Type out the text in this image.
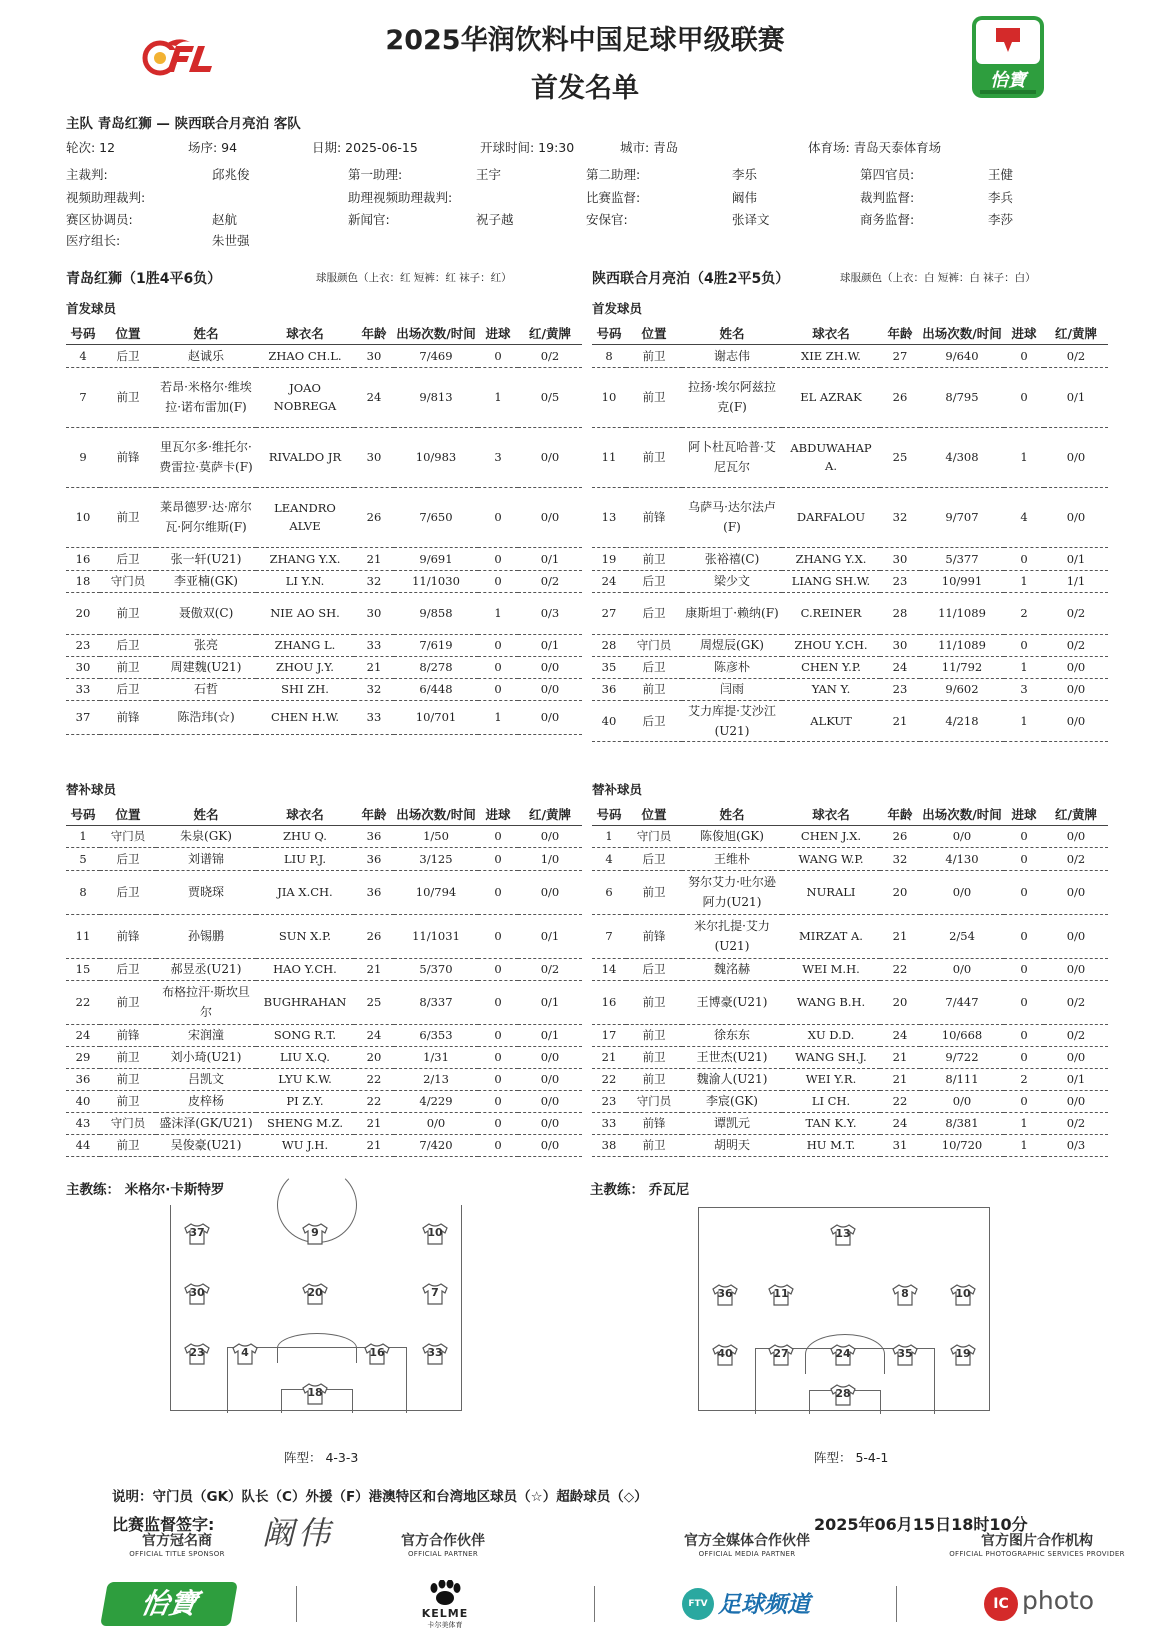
2025华润饮料中国足球甲级联赛
首发名单	怡寶
主队 青岛红狮 — 陕西联合月亮泊 客队
轮次: 12	场序: 94	日期: 2025-06-15	开球时间: 19:30	城市: 青岛	体育场: 青岛天泰体育场
主裁判:	邱兆俊	第一助理:	王宇	第二助理:	李乐	第四官员:	王健
视频助理裁判:	助理视频助理裁判:	比赛监督:	阚伟	裁判监督:	李兵
赛区协调员:	赵航	新闻官:	祝子越	安保官:	张译文	商务监督:	李莎
医疗组长:	朱世强
青岛红狮（1胜4平6负）	球服颜色（上衣：红 短裤：红 袜子：红）	陕西联合月亮泊（4胜2平5负）	球服颜色（上衣：白 短裤：白 袜子：白）
首发球员	首发球员
号码	位置	姓名	球衣名	年龄	出场次数/时间	进球	红/黄牌
4	后卫	赵诚乐	ZHAO CH.L.	30	7/469	0	0/2
7	前卫	若昂·米格尔·维埃拉·诺布雷加(F)	JOAO NOBREGA	24	9/813	1	0/5
9	前锋	里瓦尔多·维托尔·费雷拉·莫萨卡(F)	RIVALDO JR	30	10/983	3	0/0
10	前卫	莱昂德罗·达·席尔瓦·阿尔维斯(F)	LEANDRO ALVE	26	7/650	0	0/0
16	后卫	张一轩(U21)	ZHANG Y.X.	21	9/691	0	0/1
18	守门员	李亚楠(GK)	LI Y.N.	32	11/1030	0	0/2
20	前卫	聂傲双(C)	NIE AO SH.	30	9/858	1	0/3
23	后卫	张亮	ZHANG L.	33	7/619	0	0/1
30	前卫	周建魏(U21)	ZHOU J.Y.	21	8/278	0	0/0
33	后卫	石哲	SHI ZH.	32	6/448	0	0/0
37	前锋	陈浩玮(☆)	CHEN H.W.	33	10/701	1	0/0
号码	位置	姓名	球衣名	年龄	出场次数/时间	进球	红/黄牌
8	前卫	谢志伟	XIE ZH.W.	27	9/640	0	0/2
10	前卫	拉扬·埃尔阿兹拉克(F)	EL AZRAK	26	8/795	0	0/1
11	前卫	阿卜杜瓦哈普·艾尼瓦尔	ABDUWAHAP A.	25	4/308	1	0/0
13	前锋	乌萨马·达尔法卢(F)	DARFALOU	32	9/707	4	0/0
19	前卫	张裕禧(C)	ZHANG Y.X.	30	5/377	0	0/1
24	后卫	梁少文	LIANG SH.W.	23	10/991	1	1/1
27	后卫	康斯坦丁·赖纳(F)	C.REINER	28	11/1089	2	0/2
28	守门员	周煜辰(GK)	ZHOU Y.CH.	30	11/1089	0	0/2
35	后卫	陈彦朴	CHEN Y.P.	24	11/792	1	0/0
36	前卫	闫雨	YAN Y.	23	9/602	3	0/0
40	后卫	艾力库提·艾沙江(U21)	ALKUT	21	4/218	1	0/0
替补球员	替补球员
号码	位置	姓名	球衣名	年龄	出场次数/时间	进球	红/黄牌
1	守门员	朱泉(GK)	ZHU Q.	36	1/50	0	0/0
5	后卫	刘谱锦	LIU P.J.	36	3/125	0	1/0
8	后卫	贾晓琛	JIA X.CH.	36	10/794	0	0/0
11	前锋	孙锡鹏	SUN X.P.	26	11/1031	0	0/1
15	后卫	郝昱丞(U21)	HAO Y.CH.	21	5/370	0	0/2
22	前卫	布格拉汗·斯坎旦尔	BUGHRAHAN	25	8/337	0	0/1
24	前锋	宋润潼	SONG R.T.	24	6/353	0	0/1
29	前卫	刘小琦(U21)	LIU X.Q.	20	1/31	0	0/0
36	前卫	吕凯文	LYU K.W.	22	2/13	0	0/0
40	前卫	皮梓杨	PI Z.Y.	22	4/229	0	0/0
43	守门员	盛沫泽(GK/U21)	SHENG M.Z.	21	0/0	0	0/0
44	前卫	吴俊豪(U21)	WU J.H.	21	7/420	0	0/0
号码	位置	姓名	球衣名	年龄	出场次数/时间	进球	红/黄牌
1	守门员	陈俊旭(GK)	CHEN J.X.	26	0/0	0	0/0
4	后卫	王维朴	WANG W.P.	32	4/130	0	0/2
6	前卫	努尔艾力·吐尔逊阿力(U21)	NURALI	20	0/0	0	0/0
7	前锋	米尔扎提·艾力(U21)	MIRZAT A.	21	2/54	0	0/0
14	后卫	魏洺赫	WEI M.H.	22	0/0	0	0/0
16	前卫	王博豪(U21)	WANG B.H.	20	7/447	0	0/2
17	前卫	徐东东	XU D.D.	24	10/668	0	0/2
21	前卫	王世杰(U21)	WANG SH.J.	21	9/722	0	0/0
22	前卫	魏渝人(U21)	WEI Y.R.	21	8/111	2	0/1
23	守门员	李宸(GK)	LI CH.	22	0/0	0	0/0
33	前锋	谭凯元	TAN K.Y.	24	8/381	1	0/2
38	前卫	胡明天	HU M.T.	31	10/720	1	0/3
主教练： 米格尔·卡斯特罗	主教练： 乔瓦尼
37	9	10
30	20	7
23	4	16	33
18
13
36	11	8	10
40	27	24	35	19
28
阵型： 4-3-3	阵型： 5-4-1
说明：守门员（GK）队长（C）外援（F）港澳特区和台湾地区球员（☆）超龄球员（◇）
比赛监督签字: 阚伟	2025年06月15日18时10分
官方冠名商
OFFICIAL TITLE SPONSOR
官方合作伙伴
OFFICIAL PARTNER
官方全媒体合作伙伴
OFFICIAL MEDIA PARTNER
官方图片合作机构
OFFICIAL PHOTOGRAPHIC SERVICES PROVIDER
怡寶	KELME
卡尔美体育
FTV 足球频道	IC photo
